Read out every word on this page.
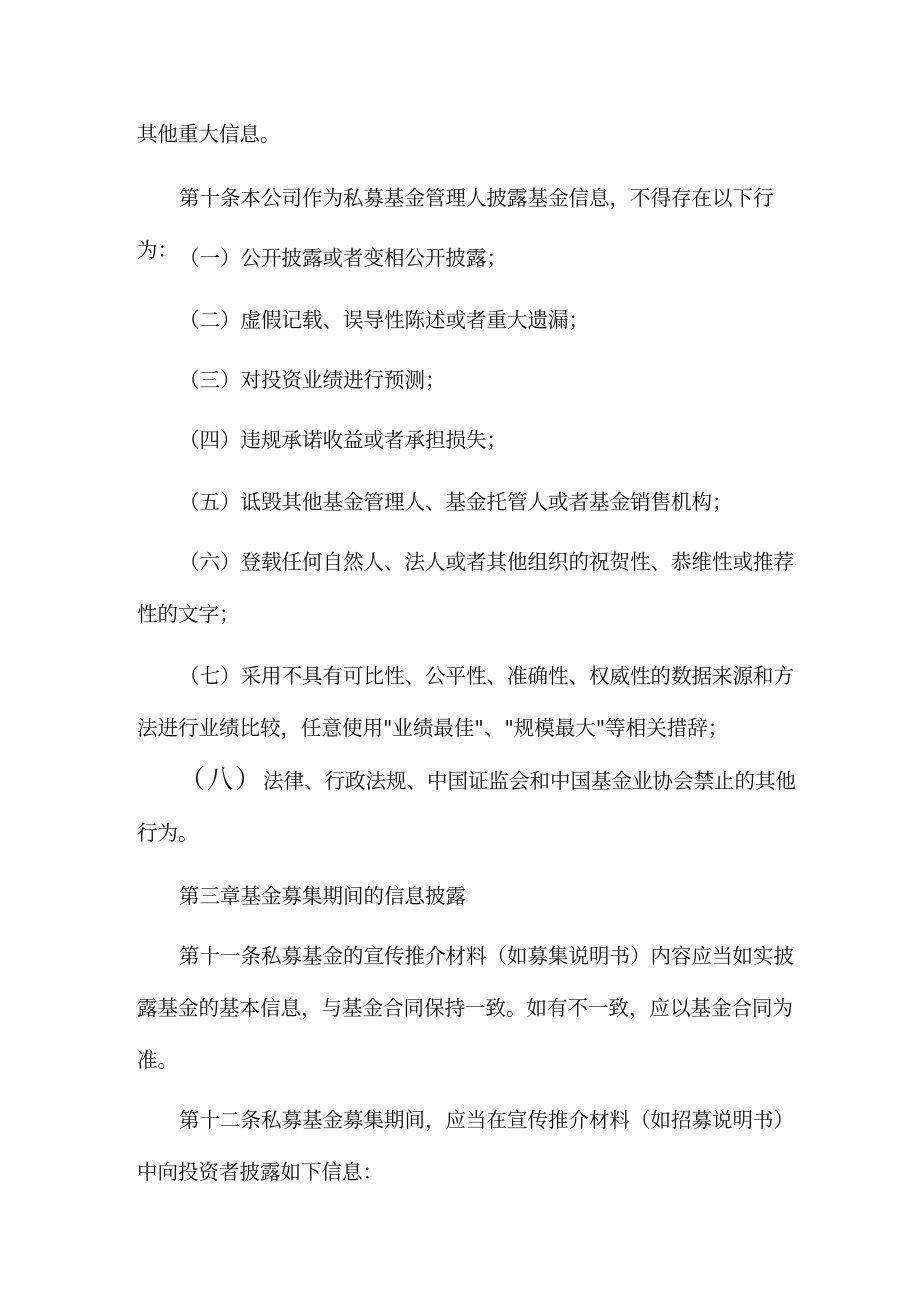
其他重大信息。

第十条本公司作为私募基金管理人披露基金信息，不得存在以下行为： （一）公开披露或者变相公开披露；

（二）虚假记载、误导性陈述或者重大遗漏；

（三）对投资业绩进行预测；

（四）违规承诺收益或者承担损失；

（五）诋毁其他基金管理人、基金托管人或者基金销售机构；

（六）登载任何自然人、法人或者其他组织的祝贺性、恭维性或推荐性的文字；

（七）采用不具有可比性、公平性、准确性、权威性的数据来源和方法进行业绩比较，任意使用"业绩最佳"、"规模最大"等相关措辞；

（八）法律、行政法规、中国证监会和中国基金业协会禁止的其他行为。

第三章基金募集期间的信息披露

第十一条私募基金的宣传推介材料（如募集说明书）内容应当如实披露基金的基本信息，与基金合同保持一致。如有不一致，应以基金合同为准。

第十二条私募基金募集期间，应当在宣传推介材料（如招募说明书）中向投资者披露如下信息：
